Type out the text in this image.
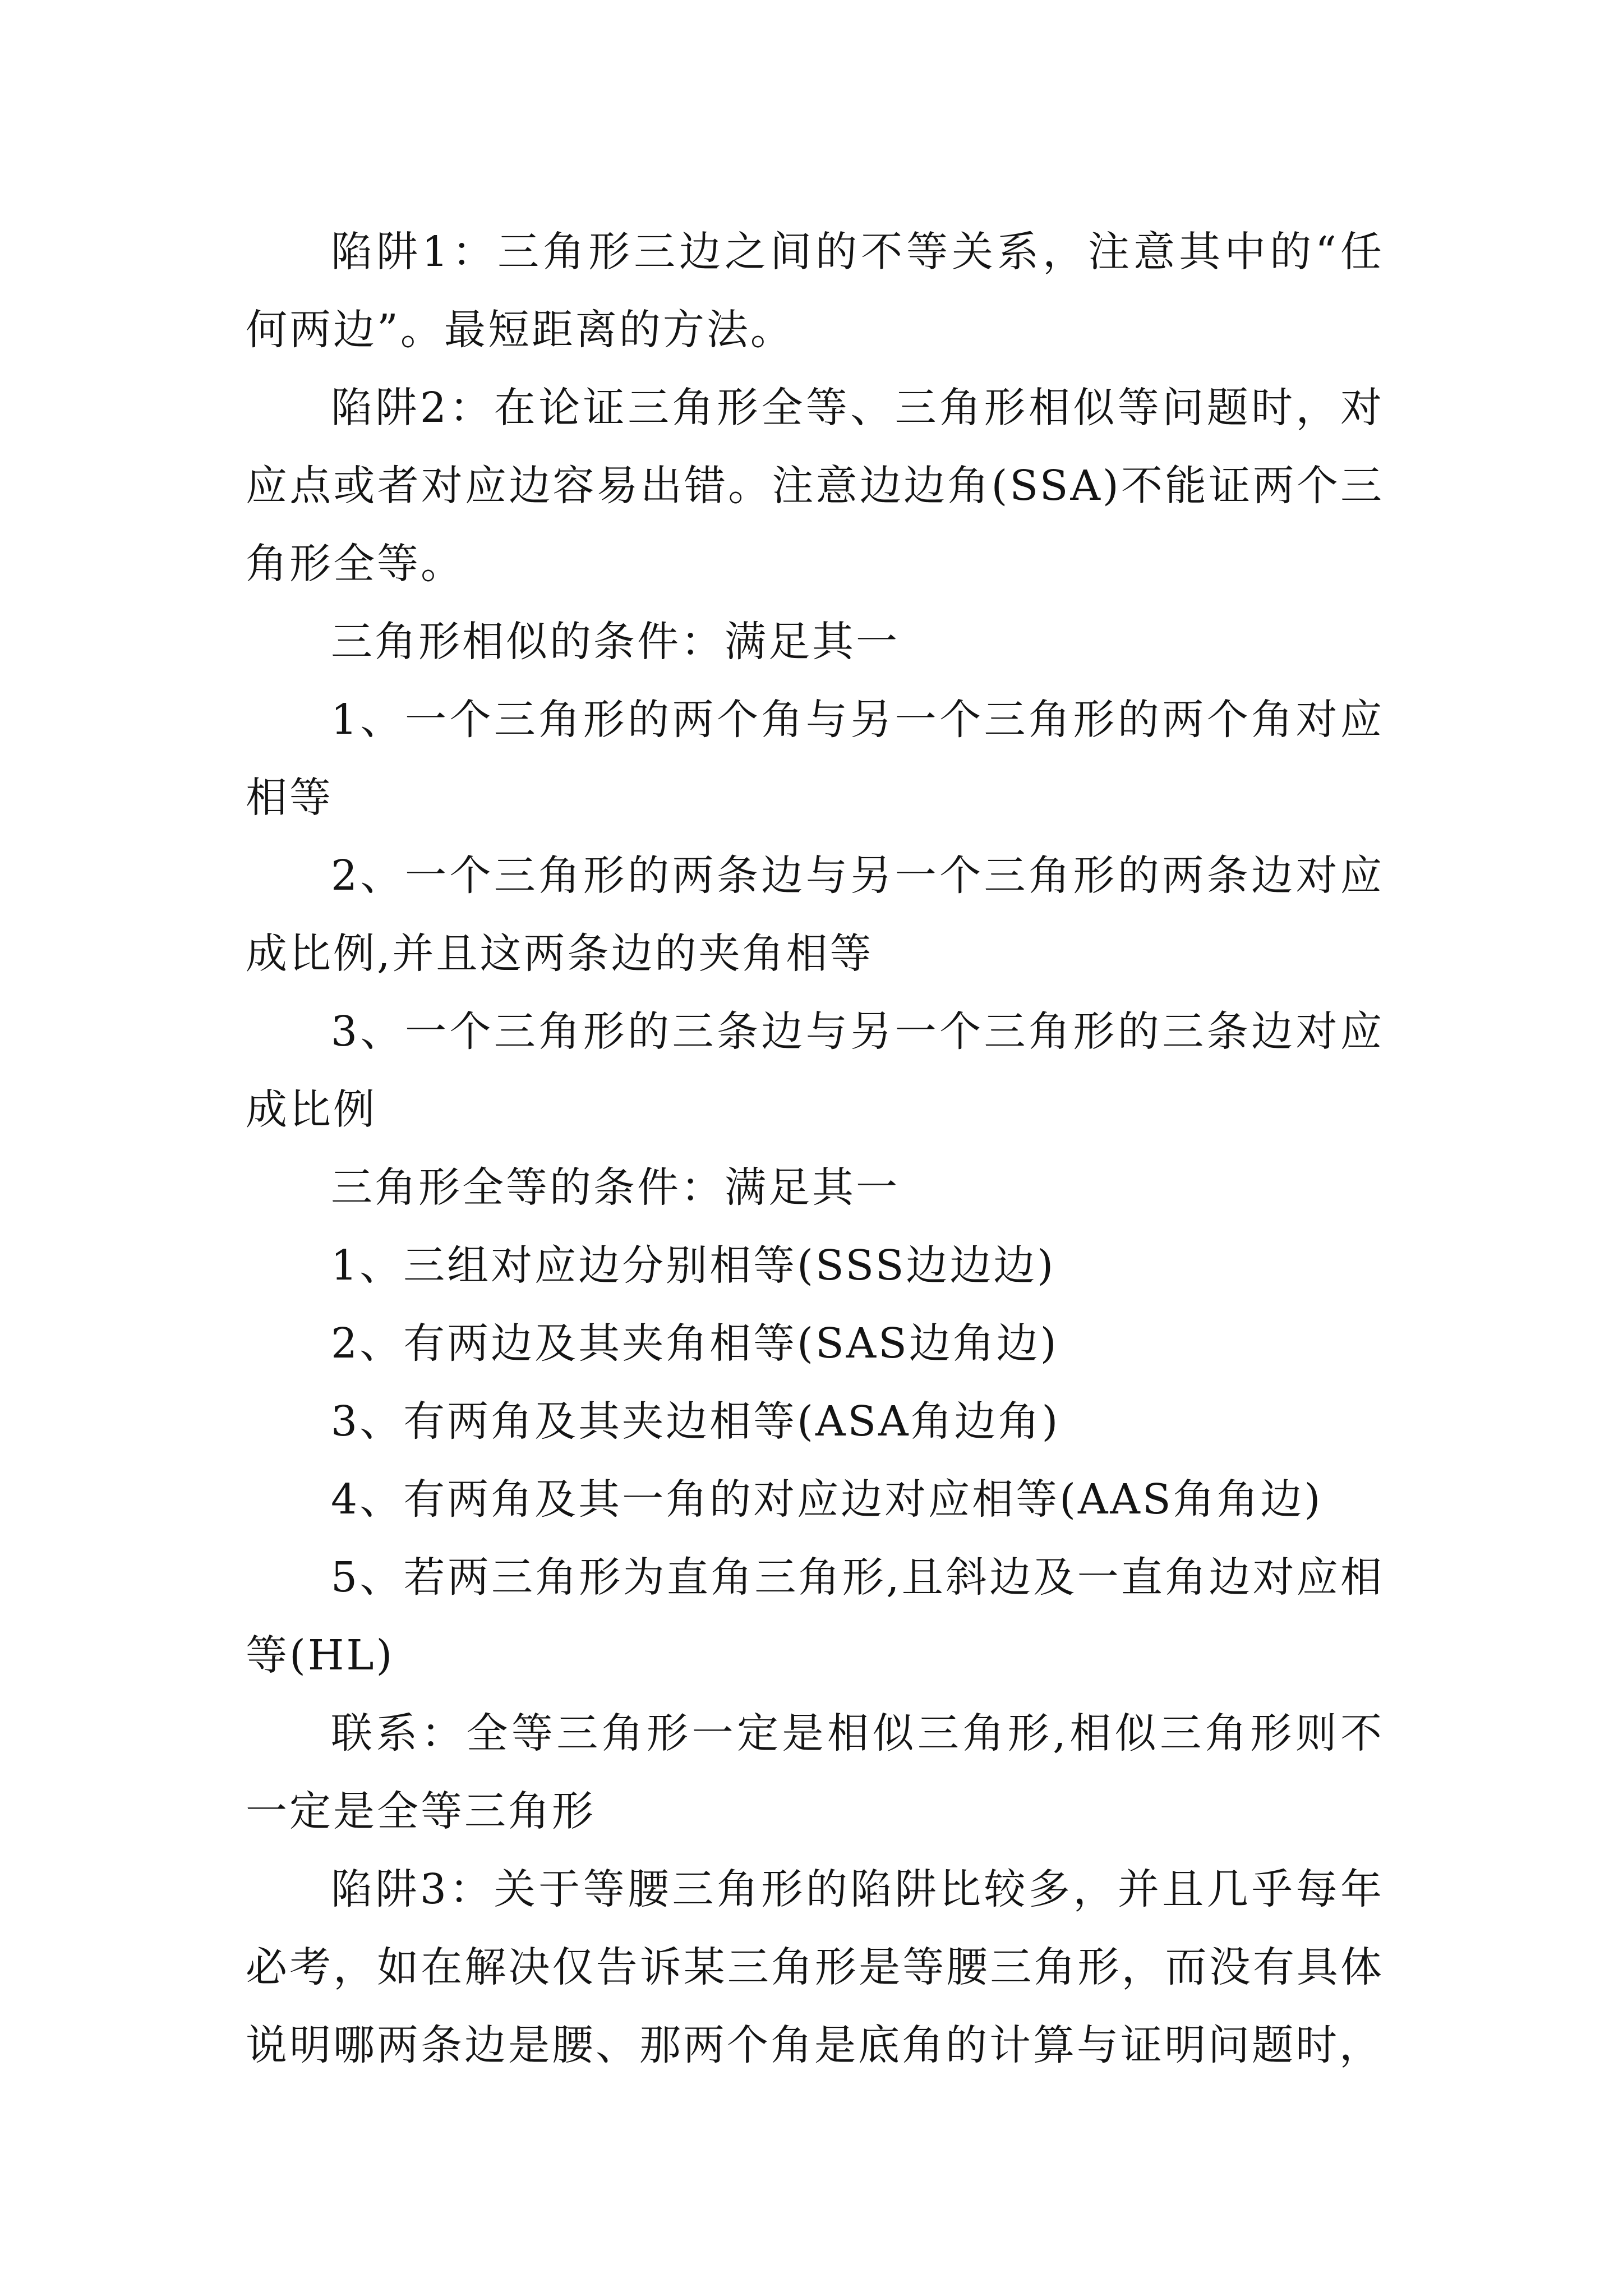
陷阱1：三角形三边之间的不等关系，注意其中的“任何两边”。最短距离的方法。

陷阱2：在论证三角形全等、三角形相似等问题时，对应点或者对应边容易出错。注意边边角(SSA)不能证两个三角形全等。

三角形相似的条件：满足其一

1、一个三角形的两个角与另一个三角形的两个角对应相等

2、一个三角形的两条边与另一个三角形的两条边对应成比例,并且这两条边的夹角相等

3、一个三角形的三条边与另一个三角形的三条边对应成比例

三角形全等的条件：满足其一

1、三组对应边分别相等(SSS边边边)

2、有两边及其夹角相等(SAS边角边)

3、有两角及其夹边相等(ASA角边角)

4、有两角及其一角的对应边对应相等(AAS角角边)

5、若两三角形为直角三角形,且斜边及一直角边对应相等(HL)

联系：全等三角形一定是相似三角形,相似三角形则不一定是全等三角形

陷阱3：关于等腰三角形的陷阱比较多，并且几乎每年必考，如在解决仅告诉某三角形是等腰三角形，而没有具体说明哪两条边是腰、那两个角是底角的计算与证明问题时，
